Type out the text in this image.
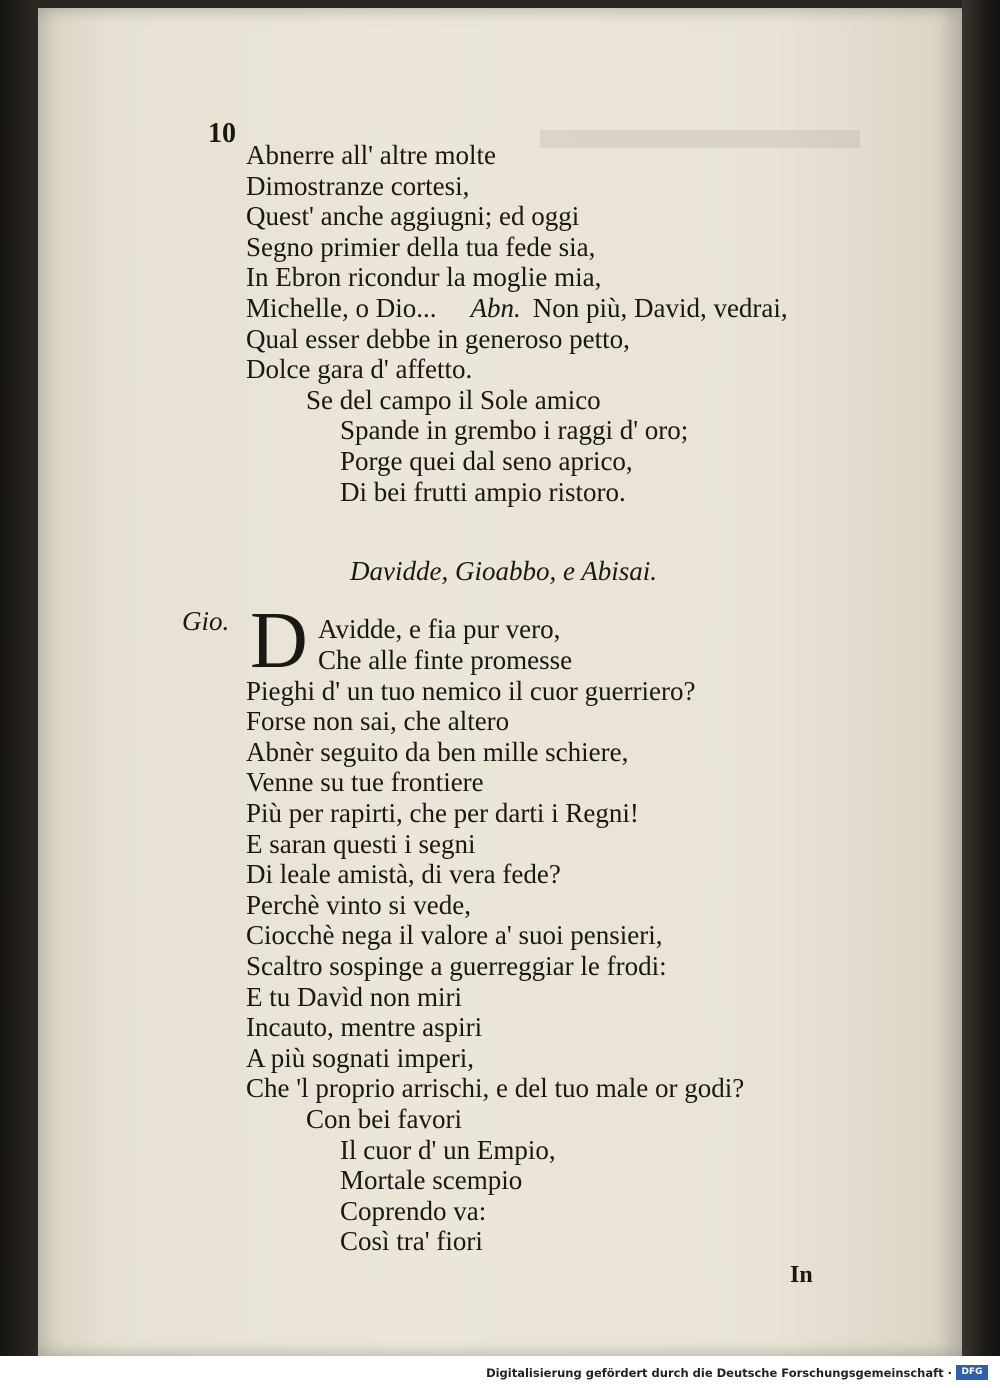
10
Abnerre all' altre molte
Dimostranze cortesi,
Quest' anche aggiugni; ed oggi
Segno primier della tua fede sia,
In Ebron ricondur la moglie mia,
Michelle, o Dio... Abn. Non più, David, vedrai,
Qual esser debbe in generoso petto,
Dolce gara d' affetto.
Se del campo il Sole amico
Spande in grembo i raggi d' oro;
Porge quei dal seno aprico,
Di bei frutti ampio ristoro.
Davidde, Gioabbo, e Abisai.
Gio. D Avidde, e fia pur vero,
Che alle finte promesse
Pieghi d' un tuo nemico il cuor guerriero?
Forse non sai, che altero
Abnèr seguito da ben mille schiere,
Venne su tue frontiere
Più per rapirti, che per darti i Regni!
E saran questi i segni
Di leale amistà, di vera fede?
Perchè vinto si vede,
Ciocchè nega il valore a' suoi pensieri,
Scaltro sospinge a guerreggiar le frodi:
E tu Davìd non miri
Incauto, mentre aspiri
A più sognati imperi,
Che 'l proprio arrischi, e del tuo male or godi?
Con bei favori
Il cuor d' un Empio,
Mortale scempio
Coprendo va:
Così tra' fiori
In
Digitalisierung gefördert durch die Deutsche Forschungsgemeinschaft ·	DFG
